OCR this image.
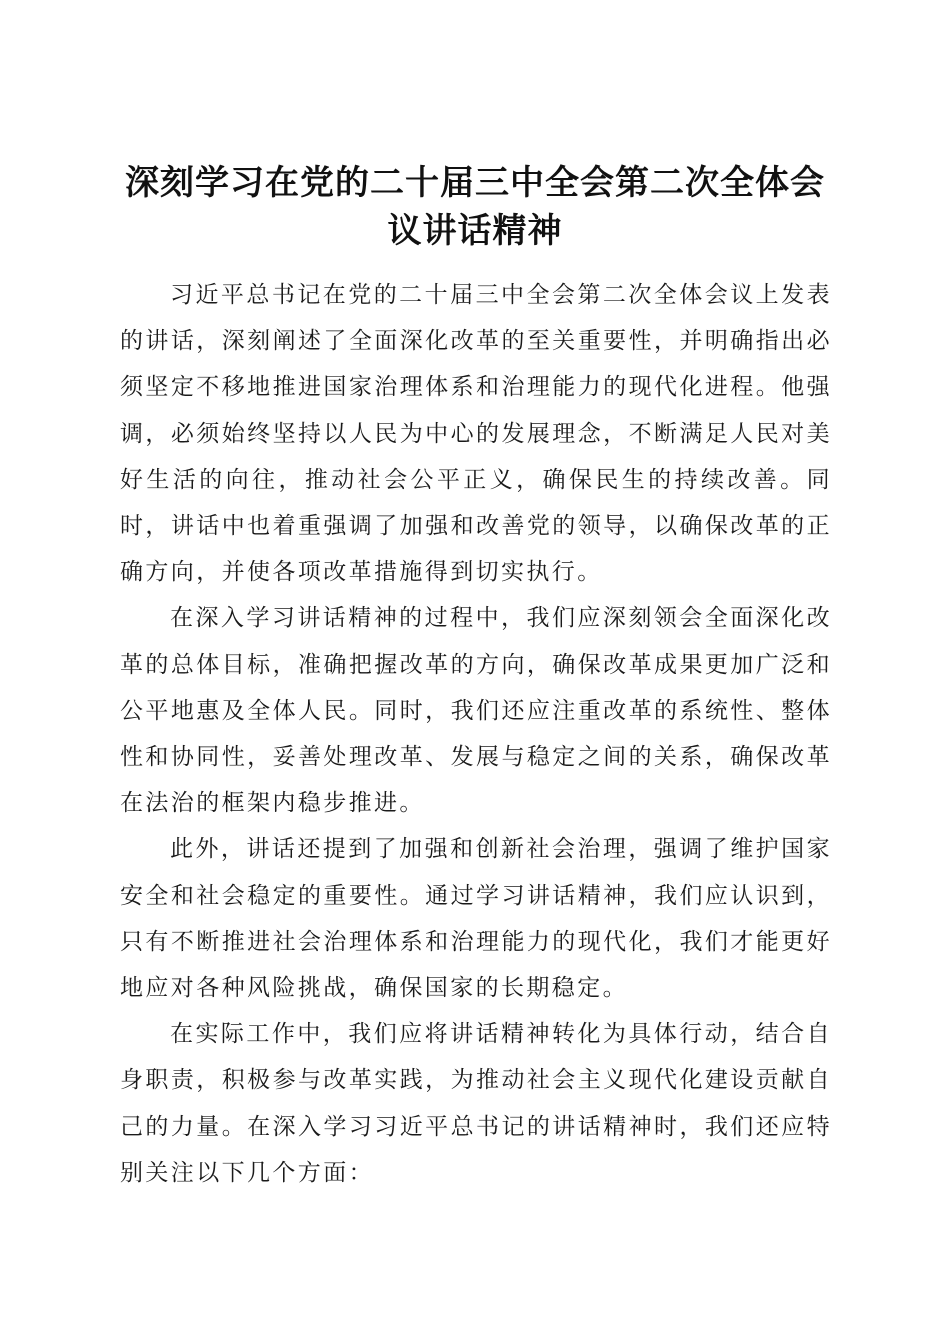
深刻学习在党的二十届三中全会第二次全体会
议讲话精神

习近平总书记在党的二十届三中全会第二次全体会议上发表的讲话，深刻阐述了全面深化改革的至关重要性，并明确指出必须坚定不移地推进国家治理体系和治理能力的现代化进程。他强调，必须始终坚持以人民为中心的发展理念，不断满足人民对美好生活的向往，推动社会公平正义，确保民生的持续改善。同时，讲话中也着重强调了加强和改善党的领导，以确保改革的正确方向，并使各项改革措施得到切实执行。

在深入学习讲话精神的过程中，我们应深刻领会全面深化改革的总体目标，准确把握改革的方向，确保改革成果更加广泛和公平地惠及全体人民。同时，我们还应注重改革的系统性、整体性和协同性，妥善处理改革、发展与稳定之间的关系，确保改革在法治的框架内稳步推进。

此外，讲话还提到了加强和创新社会治理，强调了维护国家安全和社会稳定的重要性。通过学习讲话精神，我们应认识到，只有不断推进社会治理体系和治理能力的现代化，我们才能更好地应对各种风险挑战，确保国家的长期稳定。

在实际工作中，我们应将讲话精神转化为具体行动，结合自身职责，积极参与改革实践，为推动社会主义现代化建设贡献自己的力量。在深入学习习近平总书记的讲话精神时，我们还应特别关注以下几个方面：
